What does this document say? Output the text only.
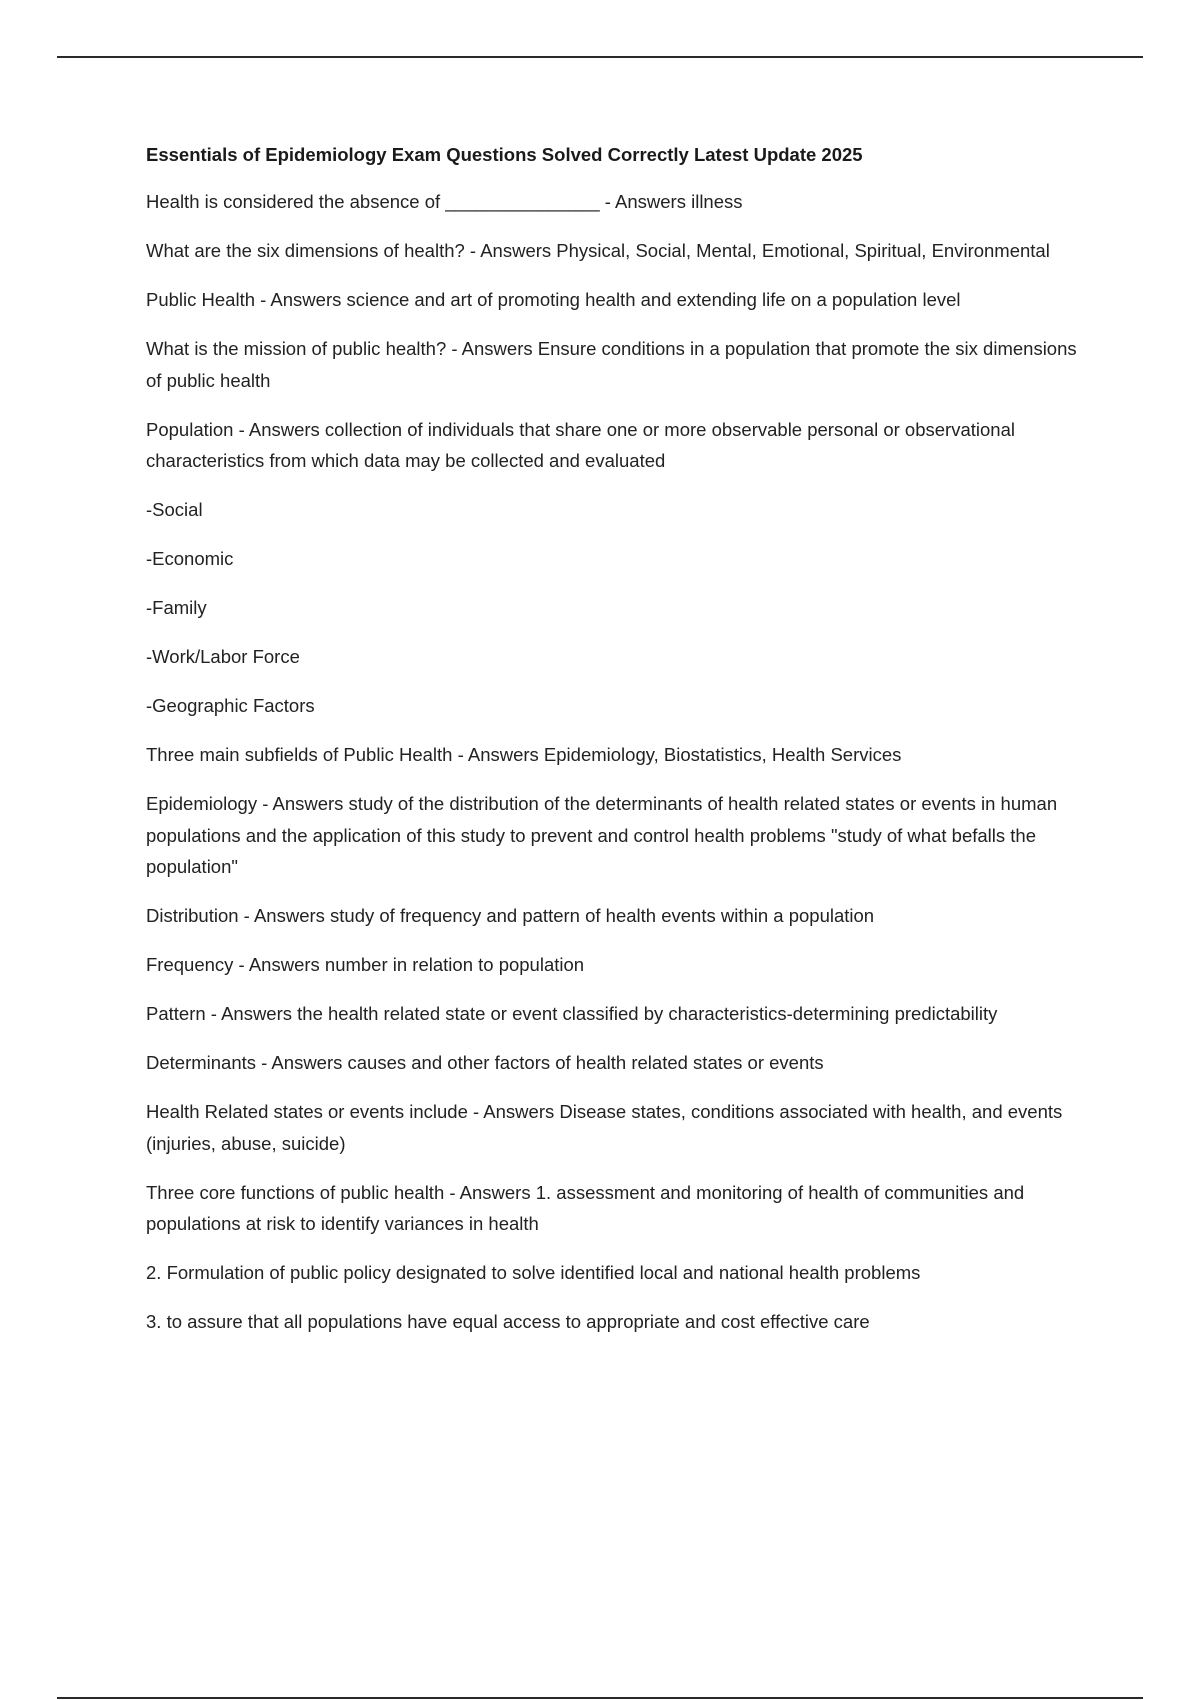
Essentials of Epidemiology Exam Questions Solved Correctly Latest Update 2025

Health is considered the absence of _______________ - Answers illness

What are the six dimensions of health? - Answers Physical, Social, Mental, Emotional, Spiritual, Environmental

Public Health - Answers science and art of promoting health and extending life on a population level

What is the mission of public health? - Answers Ensure conditions in a population that promote the six dimensions of public health

Population - Answers collection of individuals that share one or more observable personal or observational characteristics from which data may be collected and evaluated

-Social

-Economic

-Family

-Work/Labor Force

-Geographic Factors

Three main subfields of Public Health - Answers Epidemiology, Biostatistics, Health Services

Epidemiology - Answers study of the distribution of the determinants of health related states or events in human populations and the application of this study to prevent and control health problems "study of what befalls the population"

Distribution - Answers study of frequency and pattern of health events within a population

Frequency - Answers number in relation to population

Pattern - Answers the health related state or event classified by characteristics-determining predictability

Determinants - Answers causes and other factors of health related states or events

Health Related states or events include - Answers Disease states, conditions associated with health, and events (injuries, abuse, suicide)

Three core functions of public health - Answers 1. assessment and monitoring of health of communities and populations at risk to identify variances in health

2. Formulation of public policy designated to solve identified local and national health problems

3. to assure that all populations have equal access to appropriate and cost effective care
